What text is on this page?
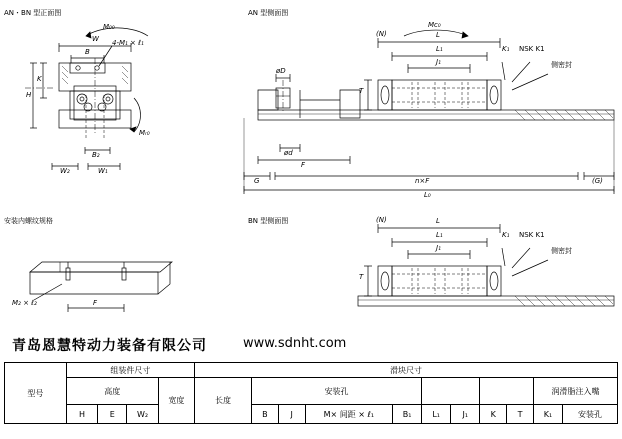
AN・BN 型正面图
M₀₀
W
B
4-M₁ × ℓ₁
K
H
Mᵣ₀
B₂
W₂	W₁
AN 型侧面图
Mᴄ₀
(N)	L
L₁
J₁
K₁ NSK K1
侧密封
øD
T
ød
F
G	n×F	(G)
L₀
安装内螺纹规格
M₂ × ℓ₂	F
BN 型侧面图	(N)	L
L₁
J₁
K₁ NSK K1
侧密封
T
青岛恩慧特动力装备有限公司	www.sdnht.com
型号	组装件尺寸				滑块尺寸										
	高度			宽度	长度	安装孔								润滑脂注入嘴	
	H	E	W₂			B	J	M× 间距 × ℓ₁	B₁	L₁	J₁	K	T	K₁	安装孔
